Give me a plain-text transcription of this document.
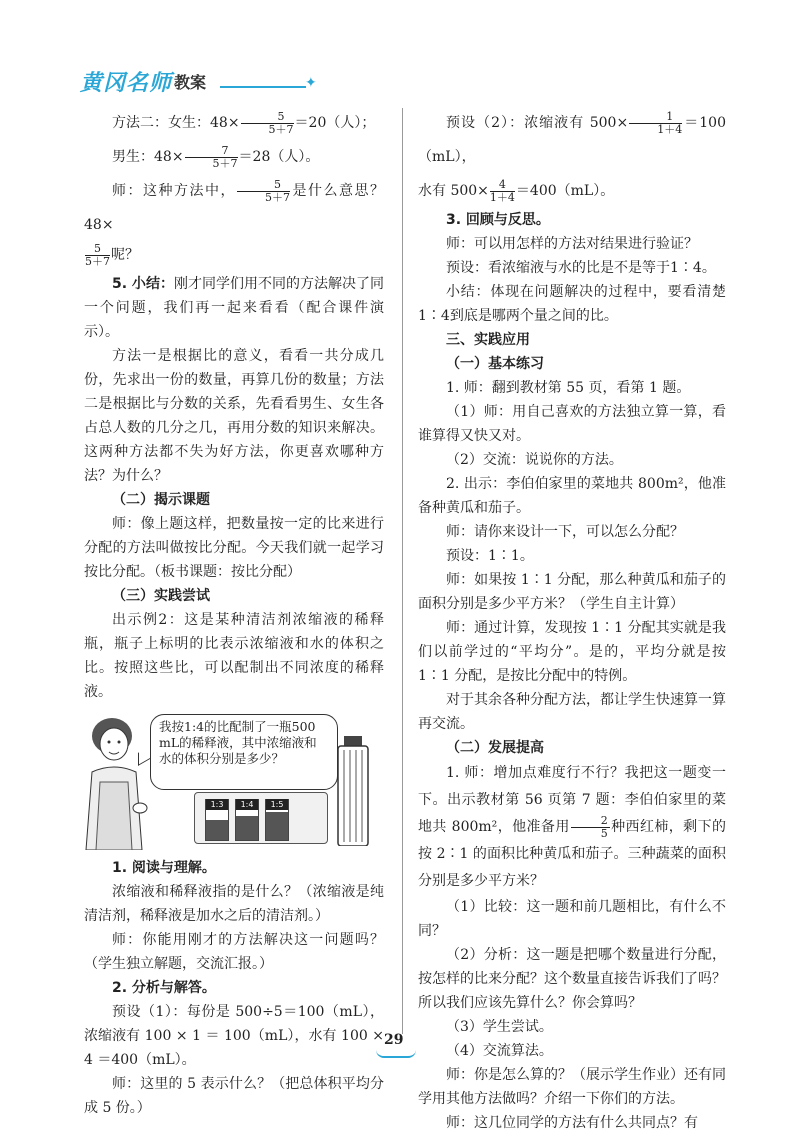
黄冈名师 教案	✦

方法二：女生：$48\times \frac{5}{5+7} =20$（人）；

男生：$48\times \frac{7}{5+7} =28$（人）。

师：这种方法中， $\frac{5}{5+7}$ 是什么意思？ 48×

$\frac{5}{5+7}$ 呢？

5. 小结：刚才同学们用不同的方法解决了同一个问题，我们再一起来看看（配合课件演示）。

方法一是根据比的意义，看看一共分成几份，先求出一份的数量，再算几份的数量；方法二是根据比与分数的关系，先看看男生、女生各占总人数的几分之几，再用分数的知识来解决。这两种方法都不失为好方法，你更喜欢哪种方法？为什么？

（二）揭示课题

师：像上题这样，把数量按一定的比来进行分配的方法叫做按比分配。今天我们就一起学习按比分配。（板书课题：按比分配）

（三）实践尝试

出示例2：这是某种清洁剂浓缩液的稀释瓶，瓶子上标明的比表示浓缩液和水的体积之比。按照这些比，可以配制出不同浓度的稀释液。

我按1:4的比配制了一瓶500 mL的稀释液，其中浓缩液和水的体积分别是多少？
1:3	1:4	1:5

1. 阅读与理解。

浓缩液和稀释液指的是什么？（浓缩液是纯清洁剂，稀释液是加水之后的清洁剂。）

师：你能用刚才的方法解决这一问题吗？（学生独立解题，交流汇报。）

2. 分析与解答。

预设（1）：每份是 500÷5＝100（mL），浓缩液有 100 × 1 ＝ 100（mL），水有 100 × 4 ＝400（mL）。

师：这里的 5 表示什么？（把总体积平均分成 5 份。）

预设（2）：浓缩液有 $500\times \frac{1}{1+4} =100(mL)$，

水有 $500\times \frac{4}{1+4} =400(mL)$。

3. 回顾与反思。

师：可以用怎样的方法对结果进行验证？

预设：看浓缩液与水的比是不是等于1∶4。

小结：体现在问题解决的过程中，要看清楚1∶4到底是哪两个量之间的比。

三、实践应用

（一）基本练习

1. 师：翻到教材第 55 页，看第 1 题。

（1）师：用自己喜欢的方法独立算一算，看谁算得又快又对。

（2）交流：说说你的方法。

2. 出示：李伯伯家里的菜地共 800m²，他准备种黄瓜和茄子。

师：请你来设计一下，可以怎么分配？

预设：1∶1。

师：如果按 1∶1 分配，那么种黄瓜和茄子的面积分别是多少平方米？（学生自主计算）

师：通过计算，发现按 1∶1 分配其实就是我们以前学过的“平均分”。是的，平均分就是按 1∶1 分配，是按比分配中的特例。

对于其余各种分配方法，都让学生快速算一算再交流。

（二）发展提高

1. 师：增加点难度行不行？我把这一题变一下。出示教材第 56 页第 7 题：李伯伯家里的菜地共 800m²，他准备用 $\frac{2}{5}$ 种西红柿，剩下的按 2∶1 的面积比种黄瓜和茄子。三种蔬菜的面积分别是多少平方米？

（1）比较：这一题和前几题相比，有什么不同？

（2）分析：这一题是把哪个数量进行分配，按怎样的比来分配？这个数量直接告诉我们了吗？所以我们应该先算什么？你会算吗？

（3）学生尝试。

（4）交流算法。

师：你是怎么算的？（展示学生作业）还有同学用其他方法做吗？介绍一下你们的方法。

师：这几位同学的方法有什么共同点？有

29
